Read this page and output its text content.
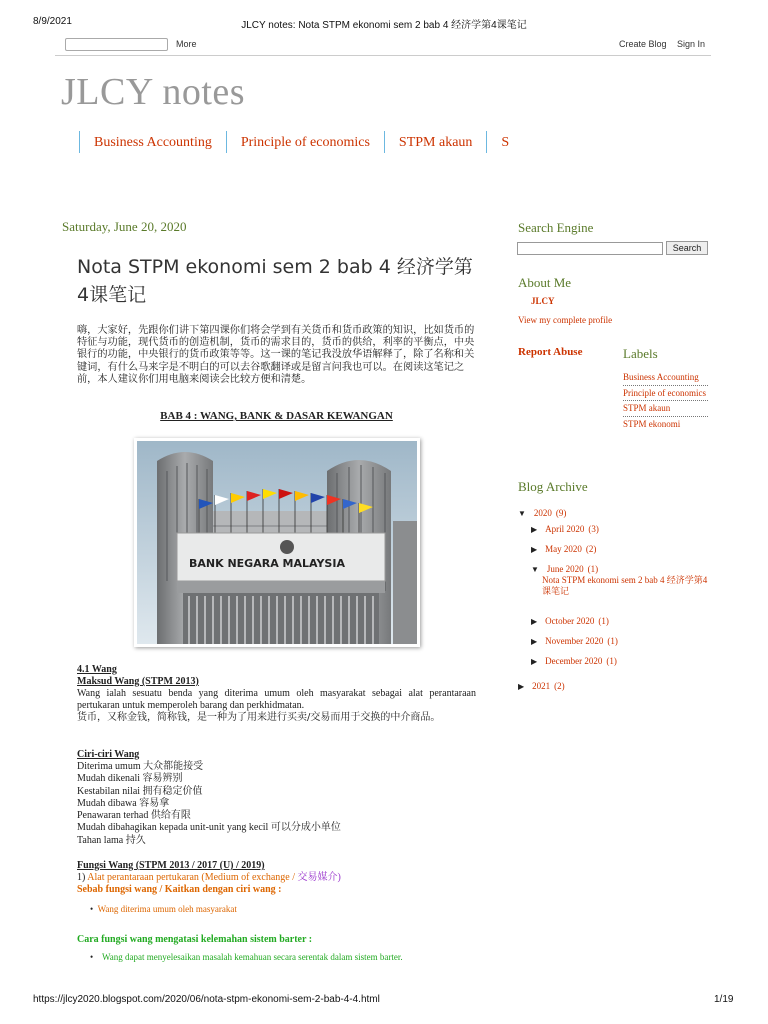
8/9/2021	JLCY notes: Nota STPM ekonomi sem 2 bab 4 经济学第4课笔记
More	Create Blog Sign In
JLCY notes
Business Accounting	Principle of economics	STPM akaun	S
Saturday, June 20, 2020
Nota STPM ekonomi sem 2 bab 4 经济学第4课笔记
嗨，大家好，先跟你们讲下第四课你们将会学到有关货币和货币政策的知识，比如货币的特征与功能，现代货币的创造机制，货币的需求目的，货币的供给，利率的平衡点，中央银行的功能，中央银行的货币政策等等。这一课的笔记我没放华语解释了，除了名称和关键词，有什么马来字是不明白的可以去谷歌翻译或是留言问我也可以。在阅读这笔记之前，本人建议你们用电脑来阅读会比较方便和清楚。
BAB 4 : WANG, BANK & DASAR KEWANGAN
BANK NEGARA MALAYSIA
4.1 Wang
Maksud Wang (STPM 2013)
Wang ialah sesuatu benda yang diterima umum oleh masyarakat sebagai alat perantaraan pertukaran untuk memperoleh barang dan perkhidmatan.
货币，又称金钱，简称钱，是一种为了用来进行买卖/交易而用于交换的中介商品。
Ciri-ciri Wang
Diterima umum 大众都能接受
Mudah dikenali 容易辨别
Kestabilan nilai 拥有稳定价值
Mudah dibawa 容易拿
Penawaran terhad 供给有限
Mudah dibahagikan kepada unit-unit yang kecil 可以分成小单位
Tahan lama 持久
Fungsi Wang (STPM 2013 / 2017 (U) / 2019)
1) Alat perantaraan pertukaran (Medium of exchange / 交易媒介)
Sebab fungsi wang / Kaitkan dengan ciri wang :
• Wang diterima umum oleh masyarakat
Cara fungsi wang mengatasi kelemahan sistem barter :
• Wang dapat menyelesaikan masalah kemahuan secara serentak dalam sistem barter.
Search Engine
Search
About Me
JLCY
View my complete profile
Report Abuse	Labels
Business Accounting
Principle of economics
STPM akaun
STPM ekonomi
Blog Archive
▼ 2020 (9)
▶ April 2020 (3)
▶ May 2020 (2)
▼ June 2020 (1)
Nota STPM ekonomi sem 2 bab 4 经济学第4课笔记
▶ October 2020 (1)
▶ November 2020 (1)
▶ December 2020 (1)
▶ 2021 (2)
https://jlcy2020.blogspot.com/2020/06/nota-stpm-ekonomi-sem-2-bab-4-4.html	1/19
